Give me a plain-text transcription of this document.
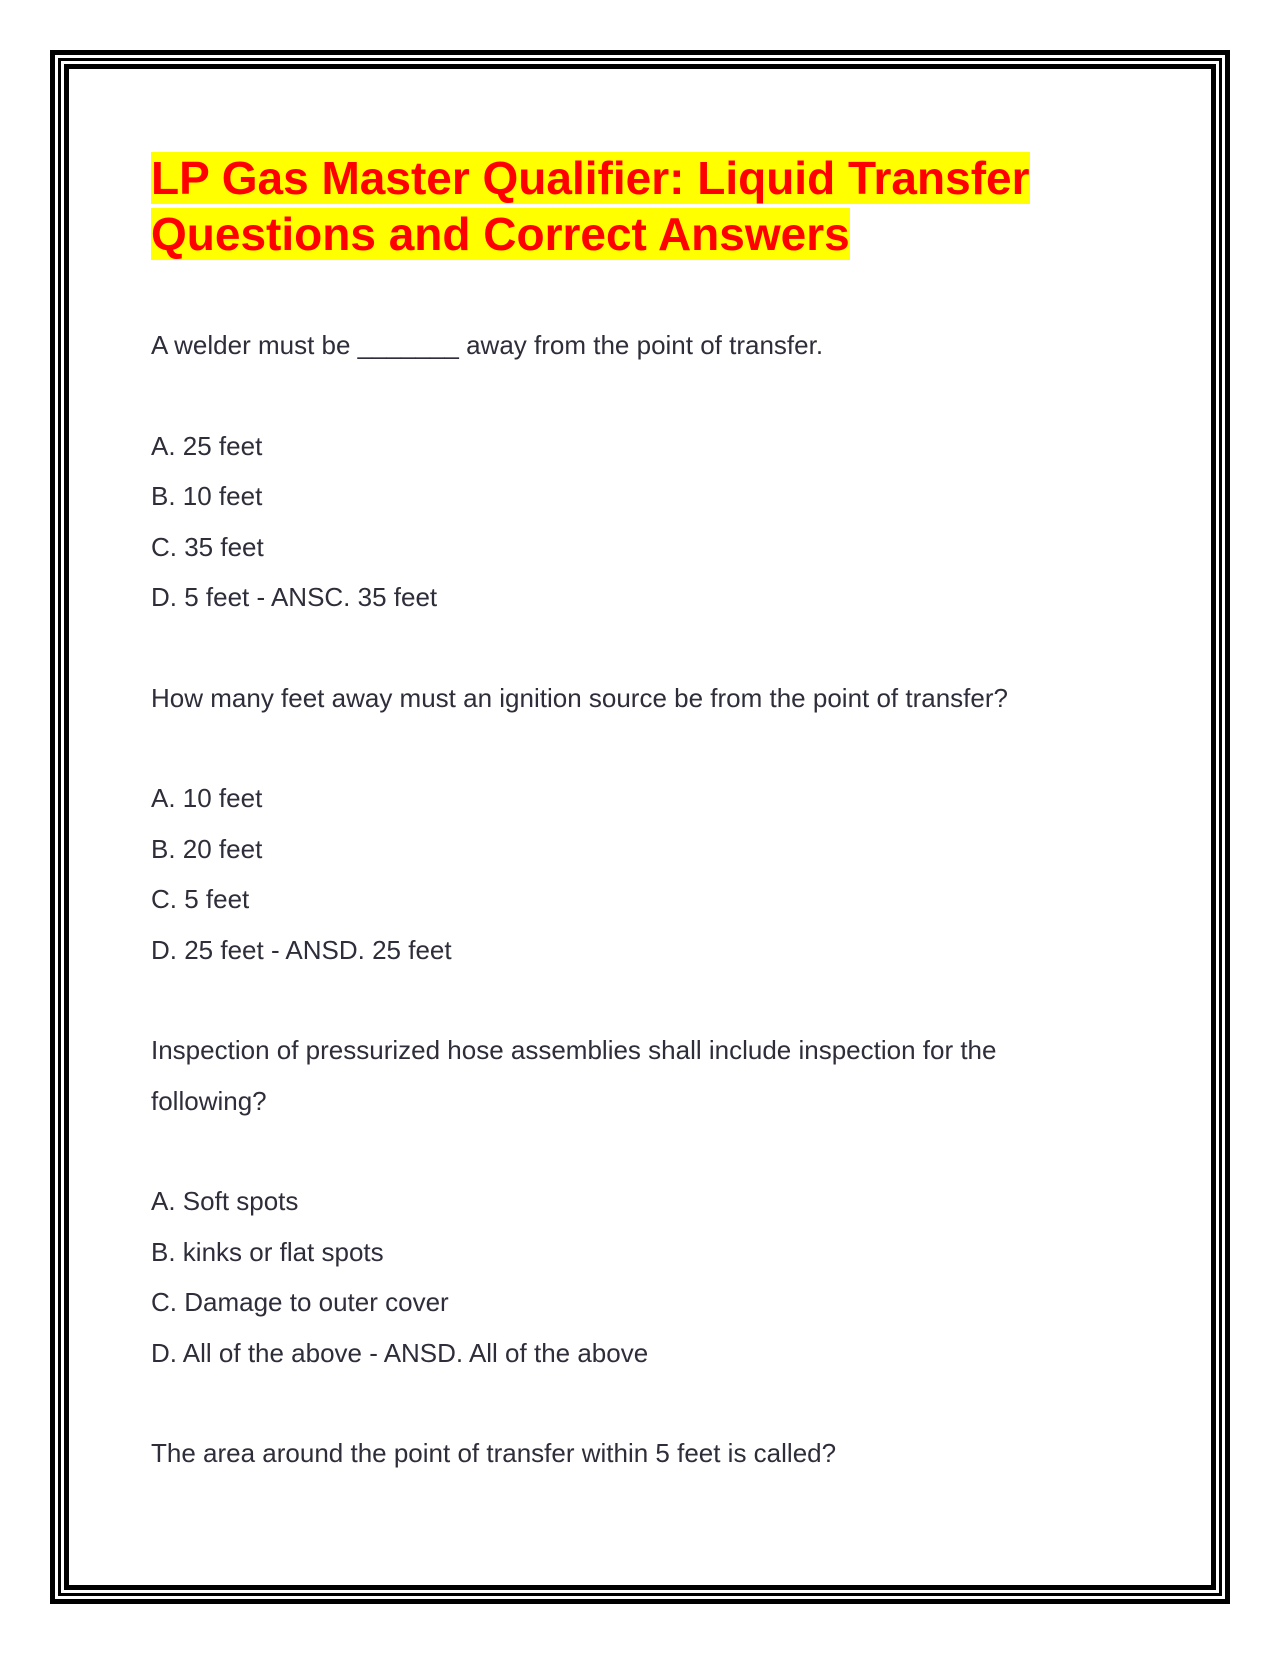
LP Gas Master Qualifier: Liquid Transfer
Questions and Correct Answers

A welder must be _______ away from the point of transfer.

A. 25 feet

B. 10 feet

C. 35 feet

D. 5 feet - ANSC. 35 feet

How many feet away must an ignition source be from the point of transfer?

A. 10 feet

B. 20 feet

C. 5 feet

D. 25 feet - ANSD. 25 feet

Inspection of pressurized hose assemblies shall include inspection for the

following?

A. Soft spots

B. kinks or flat spots

C. Damage to outer cover

D. All of the above - ANSD. All of the above

The area around the point of transfer within 5 feet is called?
